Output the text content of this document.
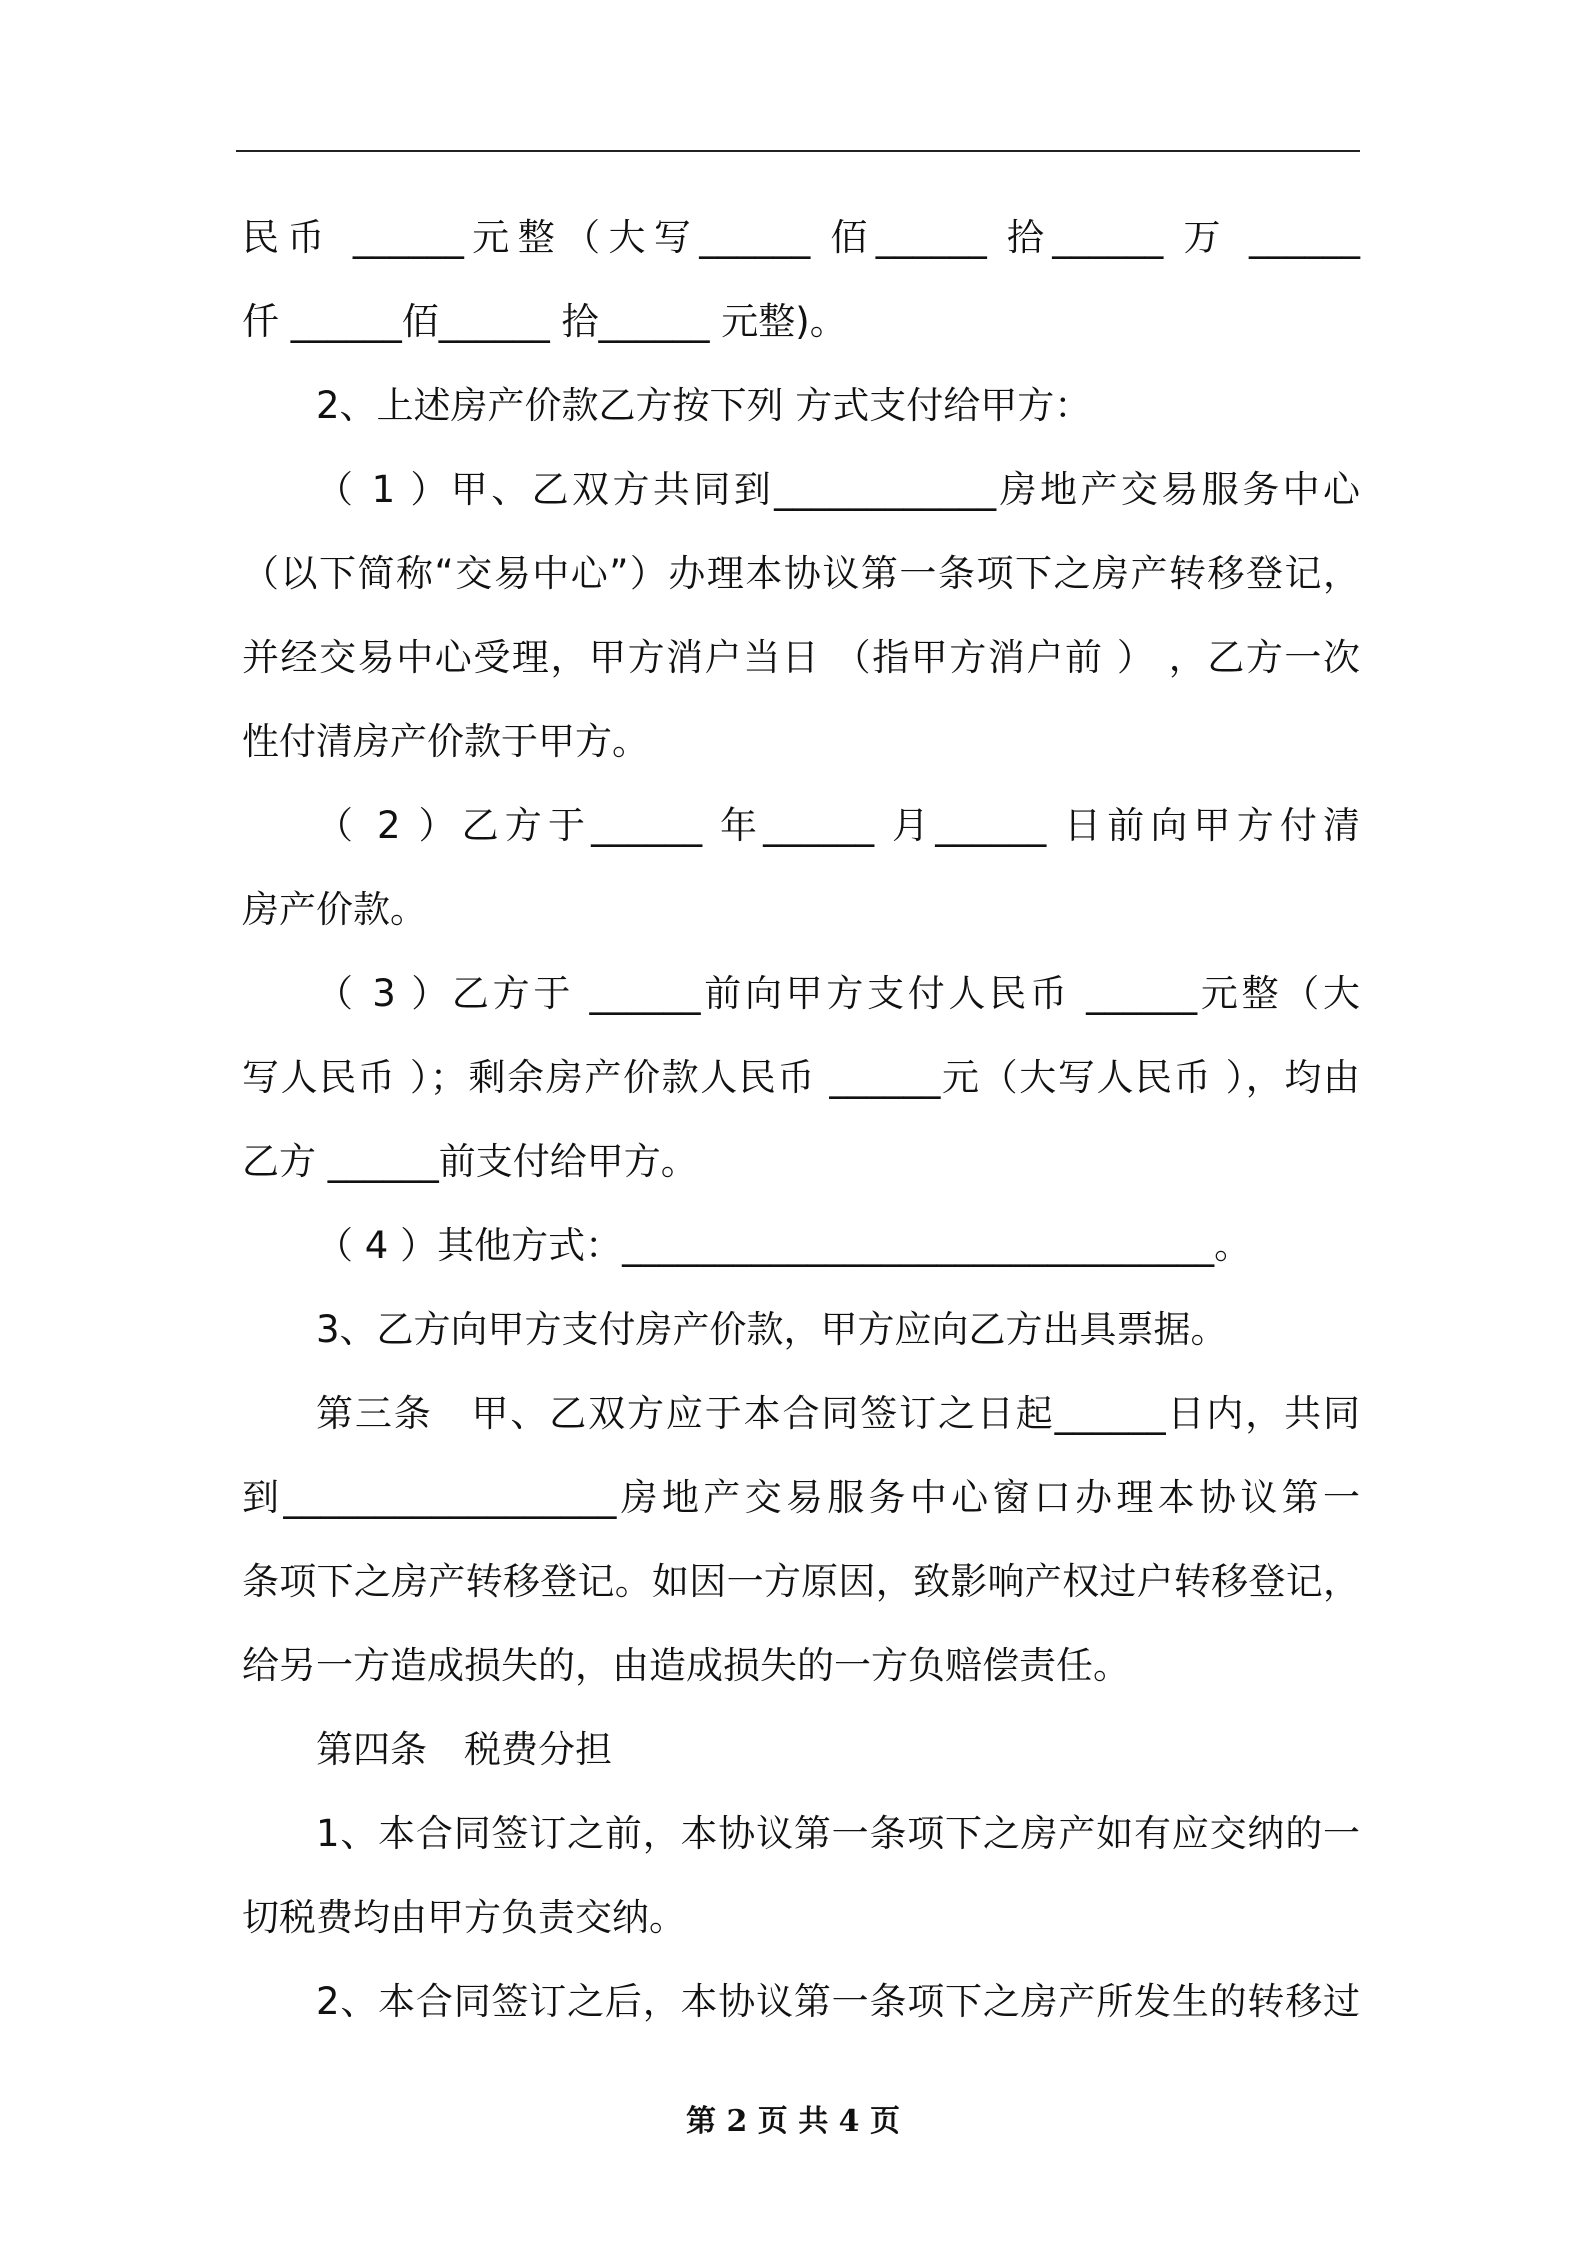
民币 ______元整（大写______ 佰______ 拾______ 万 ______
仟 ______佰______ 拾______ 元整)。
2、上述房产价款乙方按下列 方式支付给甲方：
（ 1 ）甲、乙双方共同到____________房地产交易服务中心
（以下简称“交易中心”）办理本协议第一条项下之房产转移登记，
并经交易中心受理，甲方消户当日 （指甲方消户前 ） ，乙方一次
性付清房产价款于甲方。
（ 2 ）乙方于______ 年______ 月______ 日前向甲方付清
房产价款。
（ 3 ）乙方于 ______前向甲方支付人民币 ______元整（大
写人民币 ）；剩余房产价款人民币 ______元（大写人民币 ），均由
乙方 ______前支付给甲方。
（ 4 ）其他方式：________________________________。
3、乙方向甲方支付房产价款，甲方应向乙方出具票据。
第三条　甲、乙双方应于本合同签订之日起______日内，共同
到__________________房地产交易服务中心窗口办理本协议第一
条项下之房产转移登记。如因一方原因，致影响产权过户转移登记，
给另一方造成损失的，由造成损失的一方负赔偿责任。
第四条　税费分担
1、本合同签订之前，本协议第一条项下之房产如有应交纳的一
切税费均由甲方负责交纳。
2、本合同签订之后，本协议第一条项下之房产所发生的转移过
第 2 页 共 4 页
